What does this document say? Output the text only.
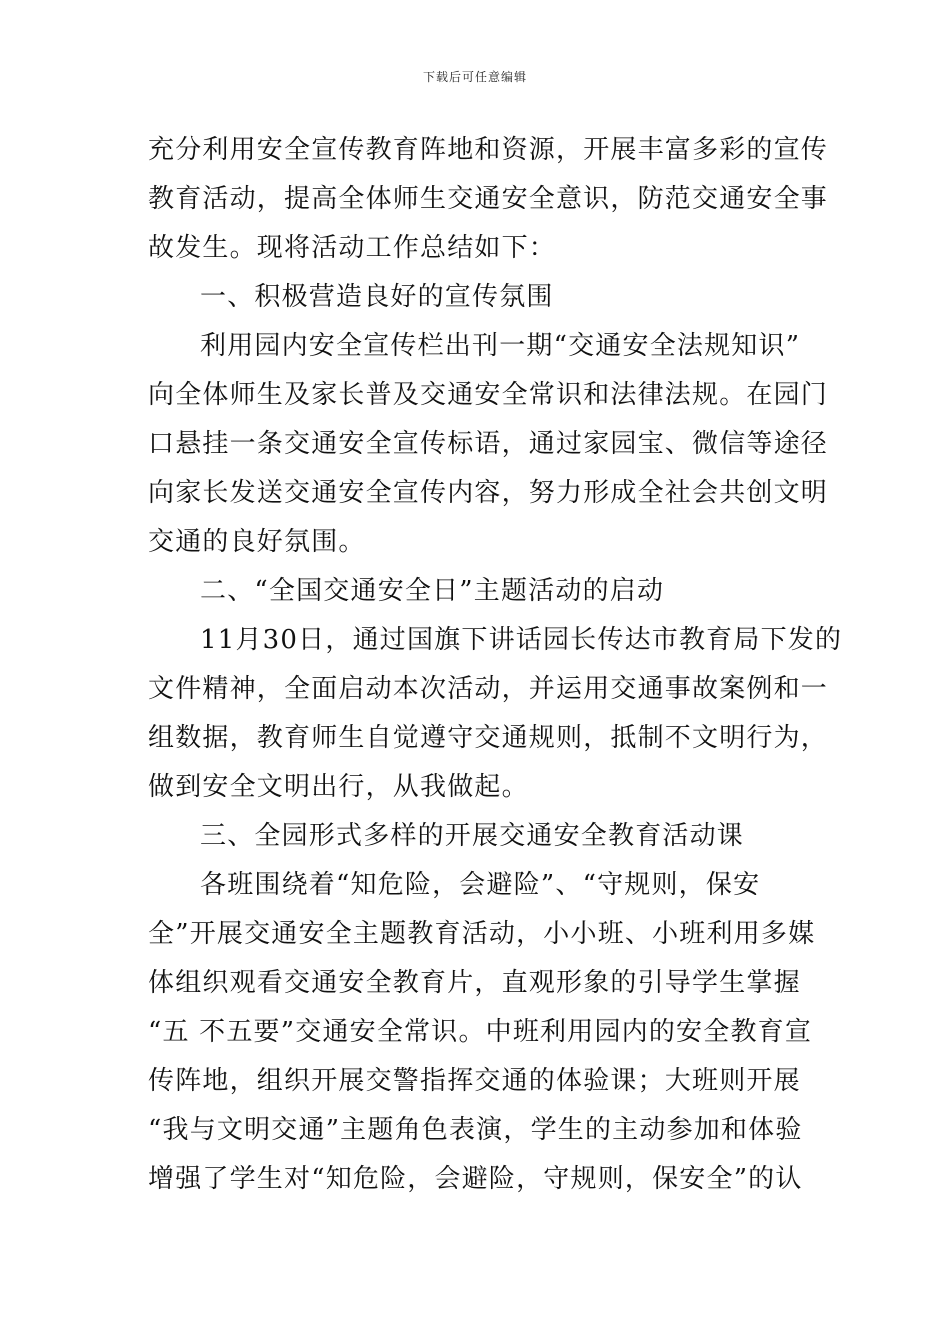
下载后可任意编辑
充分利用安全宣传教育阵地和资源，开展丰富多彩的宣传
教育活动，提高全体师生交通安全意识，防范交通安全事
故发生。现将活动工作总结如下：
一、积极营造良好的宣传氛围
利用园内安全宣传栏出刊一期“交通安全法规知识”
向全体师生及家长普及交通安全常识和法律法规。在园门
口悬挂一条交通安全宣传标语，通过家园宝、微信等途径
向家长发送交通安全宣传内容，努力形成全社会共创文明
交通的良好氛围。
二、“全国交通安全日”主题活动的启动
11月30日，通过国旗下讲话园长传达市教育局下发的
文件精神，全面启动本次活动，并运用交通事故案例和一
组数据，教育师生自觉遵守交通规则，抵制不文明行为，
做到安全文明出行，从我做起。
三、全园形式多样的开展交通安全教育活动课
各班围绕着“知危险，会避险”、“守规则，保安
全”开展交通安全主题教育活动，小小班、小班利用多媒
体组织观看交通安全教育片，直观形象的引导学生掌握
“五 不五要”交通安全常识。中班利用园内的安全教育宣
传阵地，组织开展交警指挥交通的体验课；大班则开展
“我与文明交通”主题角色表演，学生的主动参加和体验
增强了学生对“知危险，会避险，守规则，保安全”的认
